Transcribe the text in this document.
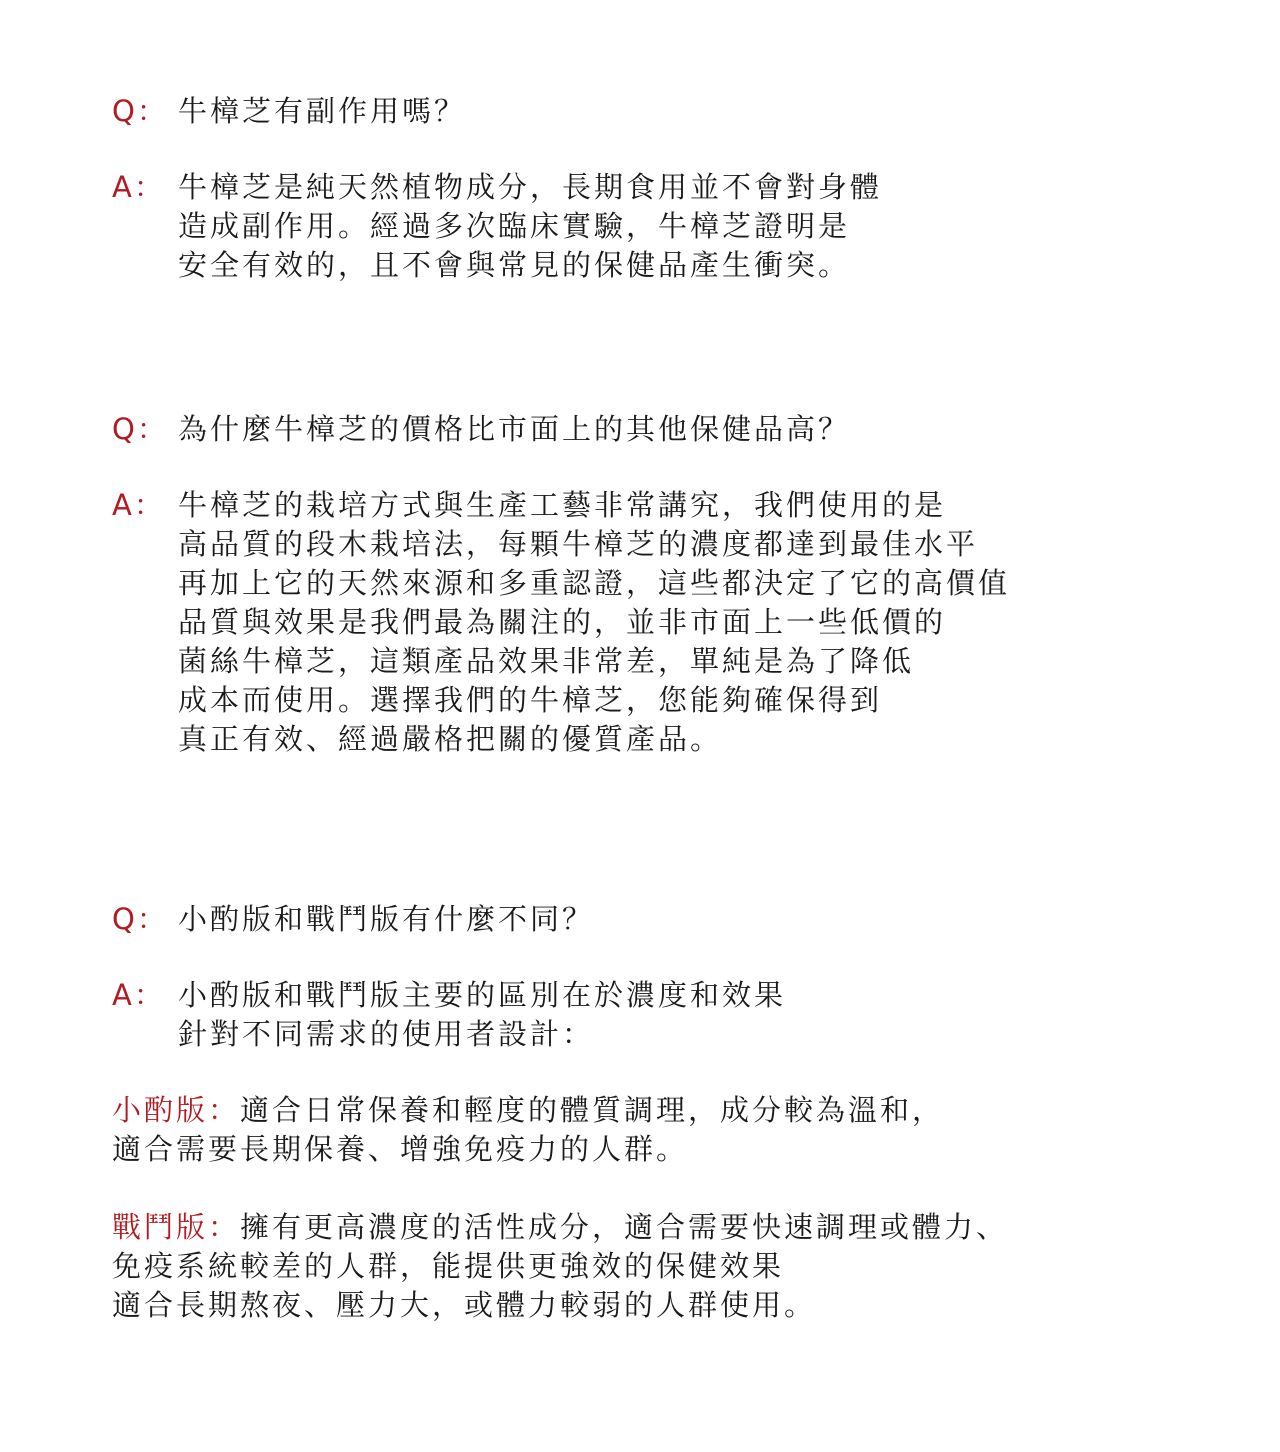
Q： 牛樟芝有副作用嗎？
A： 牛樟芝是純天然植物成分，長期食用並不會對身體
造成副作用。經過多次臨床實驗，牛樟芝證明是
安全有效的，且不會與常見的保健品產生衝突。
Q： 為什麼牛樟芝的價格比市面上的其他保健品高？
A： 牛樟芝的栽培方式與生產工藝非常講究，我們使用的是
高品質的段木栽培法，每顆牛樟芝的濃度都達到最佳水平
再加上它的天然來源和多重認證，這些都決定了它的高價值
品質與效果是我們最為關注的，並非市面上一些低價的
菌絲牛樟芝，這類產品效果非常差，單純是為了降低
成本而使用。選擇我們的牛樟芝，您能夠確保得到
真正有效、經過嚴格把關的優質產品。
Q： 小酌版和戰鬥版有什麼不同？
A： 小酌版和戰鬥版主要的區別在於濃度和效果
針對不同需求的使用者設計：
小酌版：適合日常保養和輕度的體質調理，成分較為溫和，
適合需要長期保養、增強免疫力的人群。
戰鬥版：擁有更高濃度的活性成分，適合需要快速調理或體力、
免疫系統較差的人群，能提供更強效的保健效果
適合長期熬夜、壓力大，或體力較弱的人群使用。
